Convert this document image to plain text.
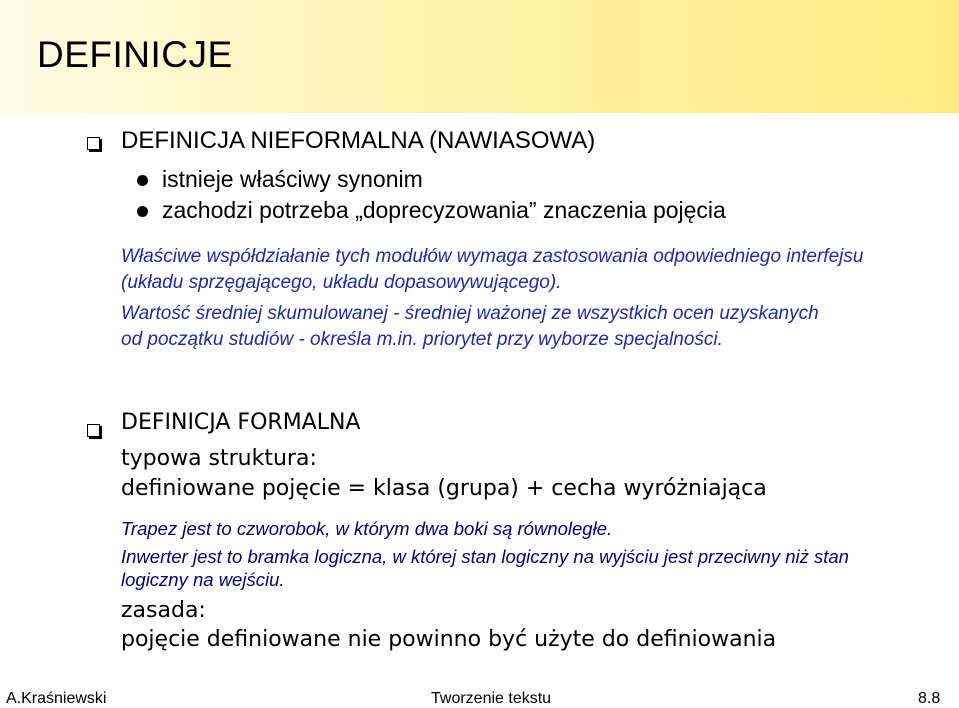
DEFINICJE
DEFINICJA NIEFORMALNA (NAWIASOWA)
istnieje właściwy synonim
zachodzi potrzeba „doprecyzowania” znaczenia pojęcia
Właściwe współdziałanie tych modułów wymaga zastosowania odpowiedniego interfejsu (układu sprzęgającego, układu dopasowywującego).
Wartość średniej skumulowanej - średniej ważonej ze wszystkich ocen uzyskanych od początku studiów - określa m.in. priorytet przy wyborze specjalności.
DEFINICJA FORMALNA
typowa struktura:
definiowane pojęcie = klasa (grupa) + cecha wyróżniająca
Trapez jest to czworobok, w którym dwa boki są równoległe.
Inwerter jest to bramka logiczna, w której stan logiczny na wyjściu jest przeciwny niż stan logiczny na wejściu.
zasada:
pojęcie definiowane nie powinno być użyte do definiowania
A.Kraśniewski	Tworzenie tekstu	8.8
